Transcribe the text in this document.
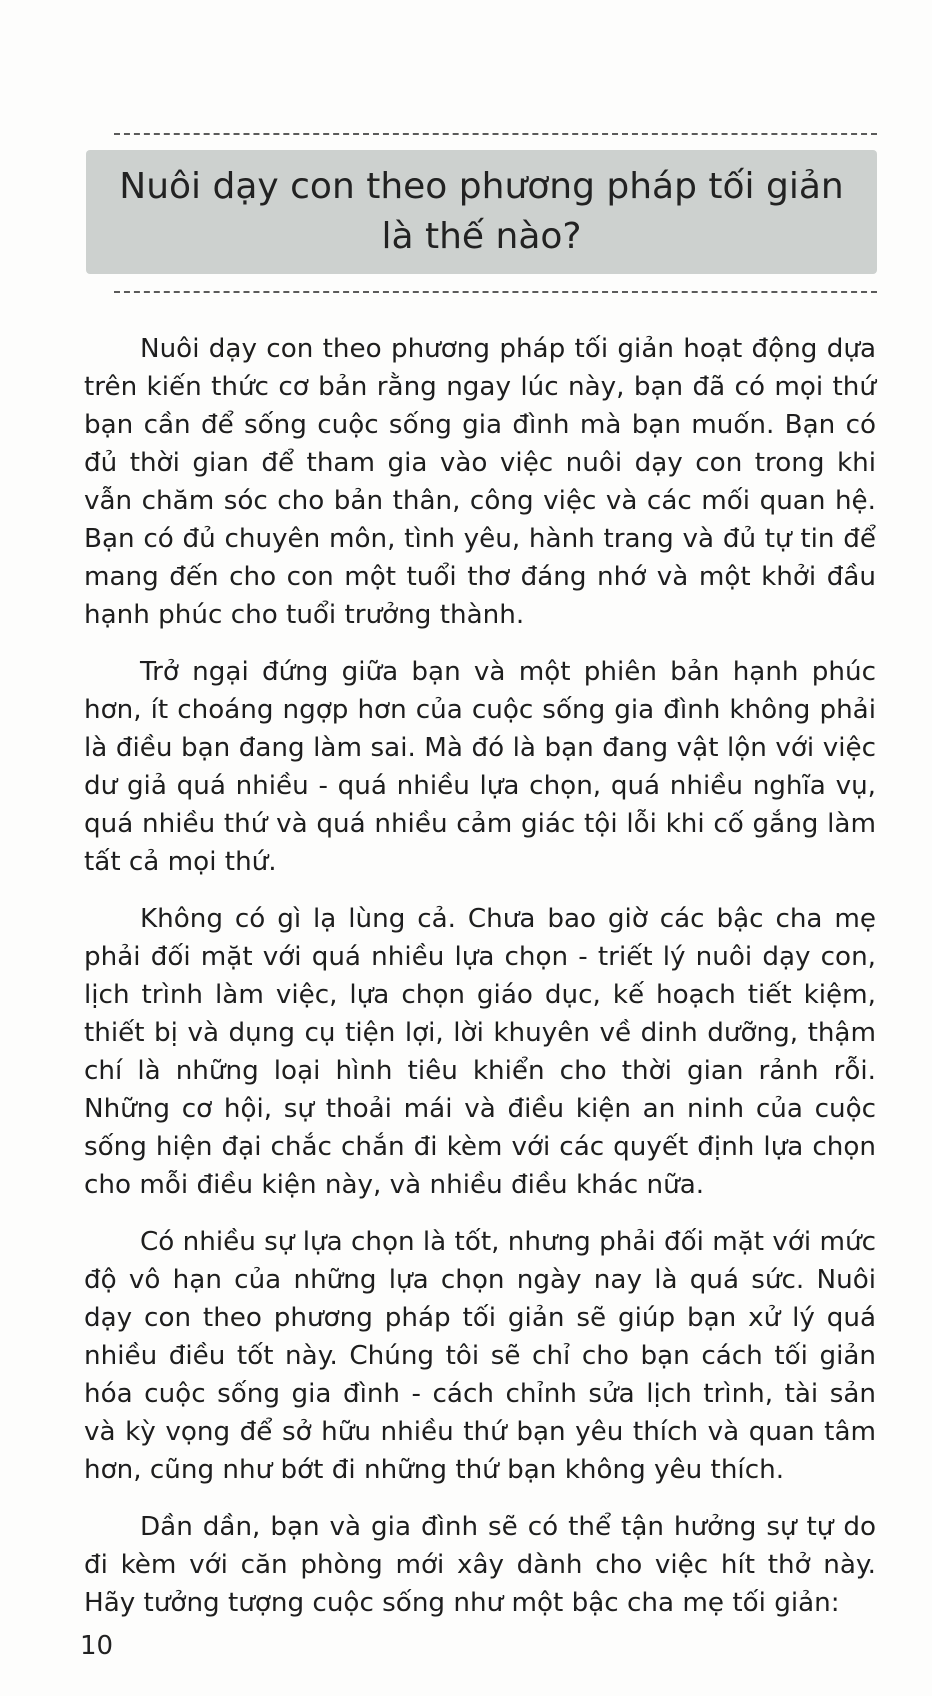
Nuôi dạy con theo phương pháp tối giản là thế nào?

Nuôi dạy con theo phương pháp tối giản hoạt động dựa trên kiến thức cơ bản rằng ngay lúc này, bạn đã có mọi thứ bạn cần để sống cuộc sống gia đình mà bạn muốn. Bạn có đủ thời gian để tham gia vào việc nuôi dạy con trong khi vẫn chăm sóc cho bản thân, công việc và các mối quan hệ. Bạn có đủ chuyên môn, tình yêu, hành trang và đủ tự tin để mang đến cho con một tuổi thơ đáng nhớ và một khởi đầu hạnh phúc cho tuổi trưởng thành.

Trở ngại đứng giữa bạn và một phiên bản hạnh phúc hơn, ít choáng ngợp hơn của cuộc sống gia đình không phải là điều bạn đang làm sai. Mà đó là bạn đang vật lộn với việc dư giả quá nhiều - quá nhiều lựa chọn, quá nhiều nghĩa vụ, quá nhiều thứ và quá nhiều cảm giác tội lỗi khi cố gắng làm tất cả mọi thứ.

Không có gì lạ lùng cả. Chưa bao giờ các bậc cha mẹ phải đối mặt với quá nhiều lựa chọn - triết lý nuôi dạy con, lịch trình làm việc, lựa chọn giáo dục, kế hoạch tiết kiệm, thiết bị và dụng cụ tiện lợi, lời khuyên về dinh dưỡng, thậm chí là những loại hình tiêu khiển cho thời gian rảnh rỗi. Những cơ hội, sự thoải mái và điều kiện an ninh của cuộc sống hiện đại chắc chắn đi kèm với các quyết định lựa chọn cho mỗi điều kiện này, và nhiều điều khác nữa.

Có nhiều sự lựa chọn là tốt, nhưng phải đối mặt với mức độ vô hạn của những lựa chọn ngày nay là quá sức. Nuôi dạy con theo phương pháp tối giản sẽ giúp bạn xử lý quá nhiều điều tốt này. Chúng tôi sẽ chỉ cho bạn cách tối giản hóa cuộc sống gia đình - cách chỉnh sửa lịch trình, tài sản và kỳ vọng để sở hữu nhiều thứ bạn yêu thích và quan tâm hơn, cũng như bớt đi những thứ bạn không yêu thích.

Dần dần, bạn và gia đình sẽ có thể tận hưởng sự tự do đi kèm với căn phòng mới xây dành cho việc hít thở này. Hãy tưởng tượng cuộc sống như một bậc cha mẹ tối giản:

10
